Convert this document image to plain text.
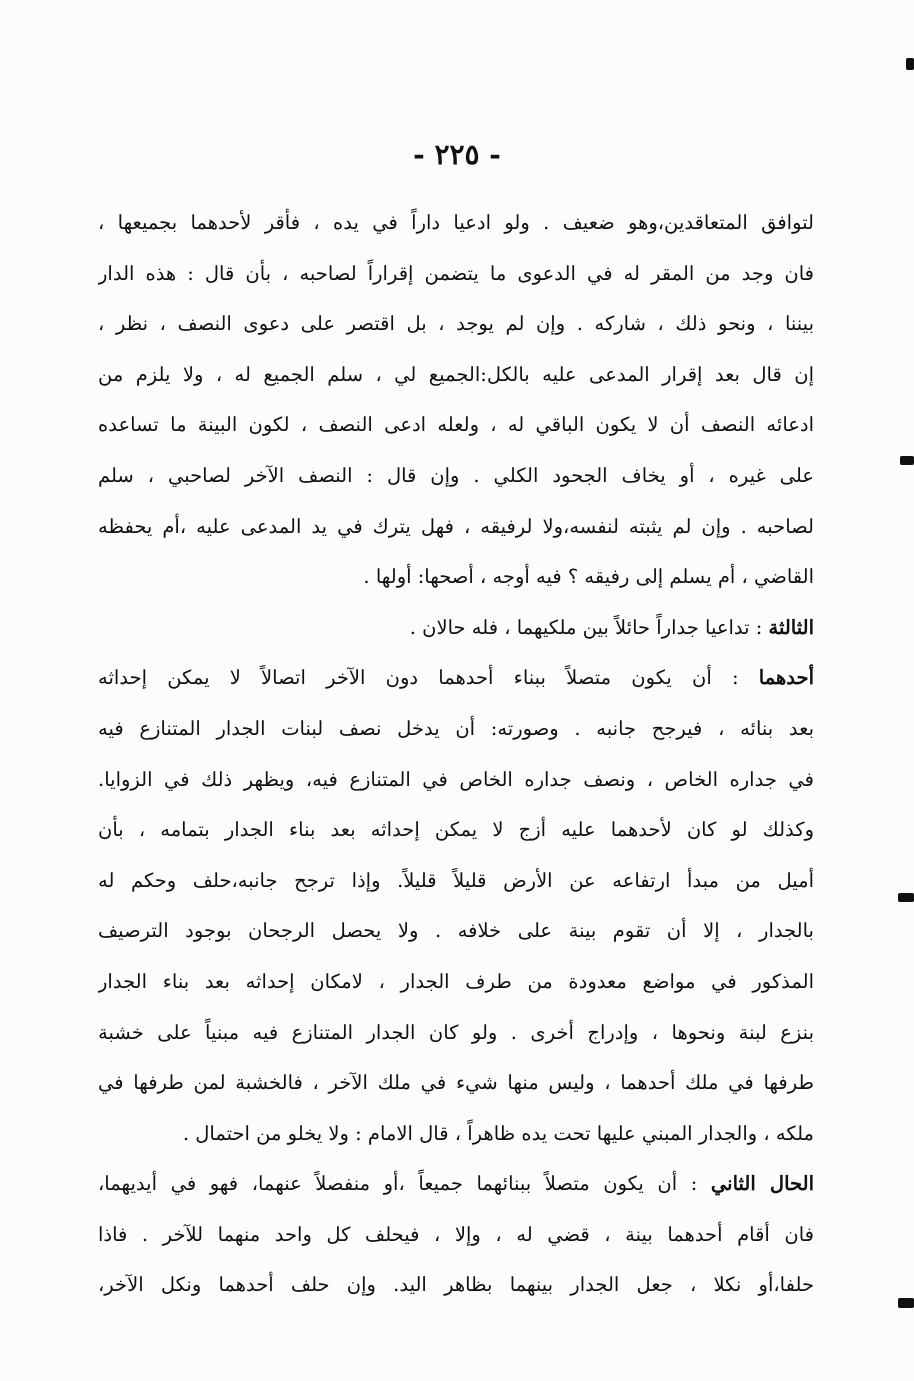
- ٢٢٥ -
لتوافق المتعاقدين،وهو ضعيف . ولو ادعيا داراً في يده ، فأقر لأحدهما بجميعها ،
فان وجد من المقر له في الدعوى ما يتضمن إقراراً لصاحبه ، بأن قال : هذه الدار
بيننا ، ونحو ذلك ، شاركه . وإن لم يوجد ، بل اقتصر على دعوى النصف ، نظر ،
إن قال بعد إقرار المدعى عليه بالكل:الجميع لي ، سلم الجميع له ، ولا يلزم من
ادعائه النصف أن لا يكون الباقي له ، ولعله ادعى النصف ، لكون البينة ما تساعده
على غيره ، أو يخاف الجحود الكلي . وإن قال : النصف الآخر لصاحبي ، سلم
لصاحبه . وإن لم يثبته لنفسه،ولا لرفيقه ، فهل يترك في يد المدعى عليه ،أم يحفظه
القاضي ، أم يسلم إلى رفيقه ؟ فيه أوجه ، أصحها: أولها .
الثالثة : تداعيا جداراً حائلاً بين ملكيهما ، فله حالان .
أحدهما : أن يكون متصلاً ببناء أحدهما دون الآخر اتصالاً لا يمكن إحداثه
بعد بنائه ، فيرجح جانبه . وصورته: أن يدخل نصف لبنات الجدار المتنازع فيه
في جداره الخاص ، ونصف جداره الخاص في المتنازع فيه، ويظهر ذلك في الزوايا.
وكذلك لو كان لأحدهما عليه أزج لا يمكن إحداثه بعد بناء الجدار بتمامه ، بأن
أميل من مبدأ ارتفاعه عن الأرض قليلاً قليلاً. وإذا ترجح جانبه،حلف وحكم له
بالجدار ، إلا أن تقوم بينة على خلافه . ولا يحصل الرجحان بوجود الترصيف
المذكور في مواضع معدودة من طرف الجدار ، لامكان إحداثه بعد بناء الجدار
بنزع لبنة ونحوها ، وإدراج أخرى . ولو كان الجدار المتنازع فيه مبنياً على خشبة
طرفها في ملك أحدهما ، وليس منها شيء في ملك الآخر ، فالخشبة لمن طرفها في
ملكه ، والجدار المبني عليها تحت يده ظاهراً ، قال الامام : ولا يخلو من احتمال .
الحال الثاني : أن يكون متصلاً ببنائهما جميعاً ،أو منفصلاً عنهما، فهو في أيديهما،
فان أقام أحدهما بينة ، قضي له ، وإلا ، فيحلف كل واحد منهما للآخر . فاذا
حلفا،أو نكلا ، جعل الجدار بينهما بظاهر اليد. وإن حلف أحدهما ونكل الآخر،
